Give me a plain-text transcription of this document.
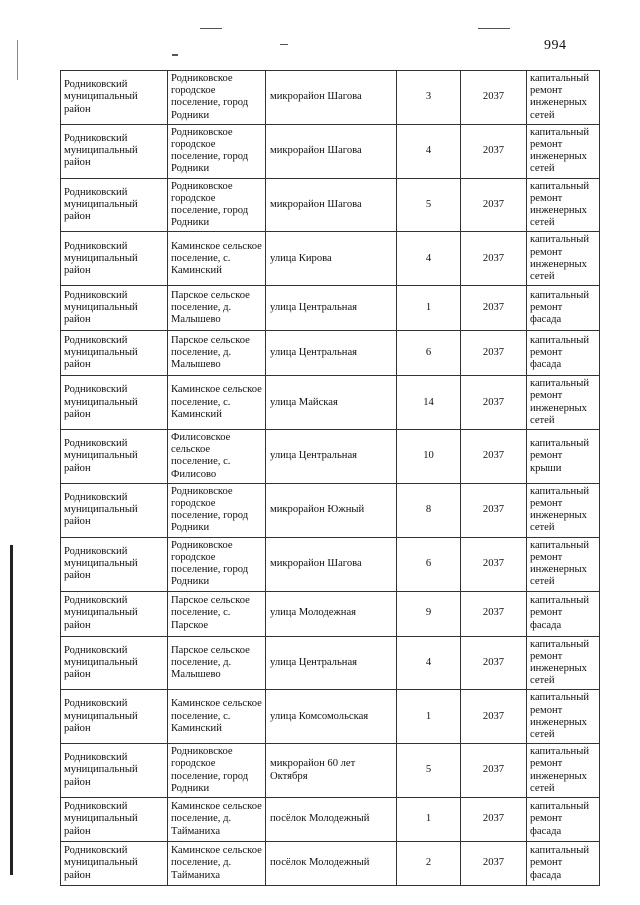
994
Родниковский муниципальный район	Родниковское городское поселение, город Родники	микрорайон Шагова	3	2037	капитальный ремонт инженерных сетей
Родниковский муниципальный район	Родниковское городское поселение, город Родники	микрорайон Шагова	4	2037	капитальный ремонт инженерных сетей
Родниковский муниципальный район	Родниковское городское поселение, город Родники	микрорайон Шагова	5	2037	капитальный ремонт инженерных сетей
Родниковский муниципальный район	Каминское сельское поселение, с. Каминский	улица Кирова	4	2037	капитальный ремонт инженерных сетей
Родниковский муниципальный район	Парское сельское поселение, д. Малышево	улица Центральная	1	2037	капитальный ремонт фасада
Родниковский муниципальный район	Парское сельское поселение, д. Малышево	улица Центральная	6	2037	капитальный ремонт фасада
Родниковский муниципальный район	Каминское сельское поселение, с. Каминский	улица Майская	14	2037	капитальный ремонт инженерных сетей
Родниковский муниципальный район	Филисовское сельское поселение, с. Филисово	улица Центральная	10	2037	капитальный ремонт крыши
Родниковский муниципальный район	Родниковское городское поселение, город Родники	микрорайон Южный	8	2037	капитальный ремонт инженерных сетей
Родниковский муниципальный район	Родниковское городское поселение, город Родники	микрорайон Шагова	6	2037	капитальный ремонт инженерных сетей
Родниковский муниципальный район	Парское сельское поселение, с. Парское	улица Молодежная	9	2037	капитальный ремонт фасада
Родниковский муниципальный район	Парское сельское поселение, д. Малышево	улица Центральная	4	2037	капитальный ремонт инженерных сетей
Родниковский муниципальный район	Каминское сельское поселение, с. Каминский	улица Комсомольская	1	2037	капитальный ремонт инженерных сетей
Родниковский муниципальный район	Родниковское городское поселение, город Родники	микрорайон 60 лет Октября	5	2037	капитальный ремонт инженерных сетей
Родниковский муниципальный район	Каминское сельское поселение, д. Тайманиха	посёлок Молодежный	1	2037	капитальный ремонт фасада
Родниковский муниципальный район	Каминское сельское поселение, д. Тайманиха	посёлок Молодежный	2	2037	капитальный ремонт фасада
